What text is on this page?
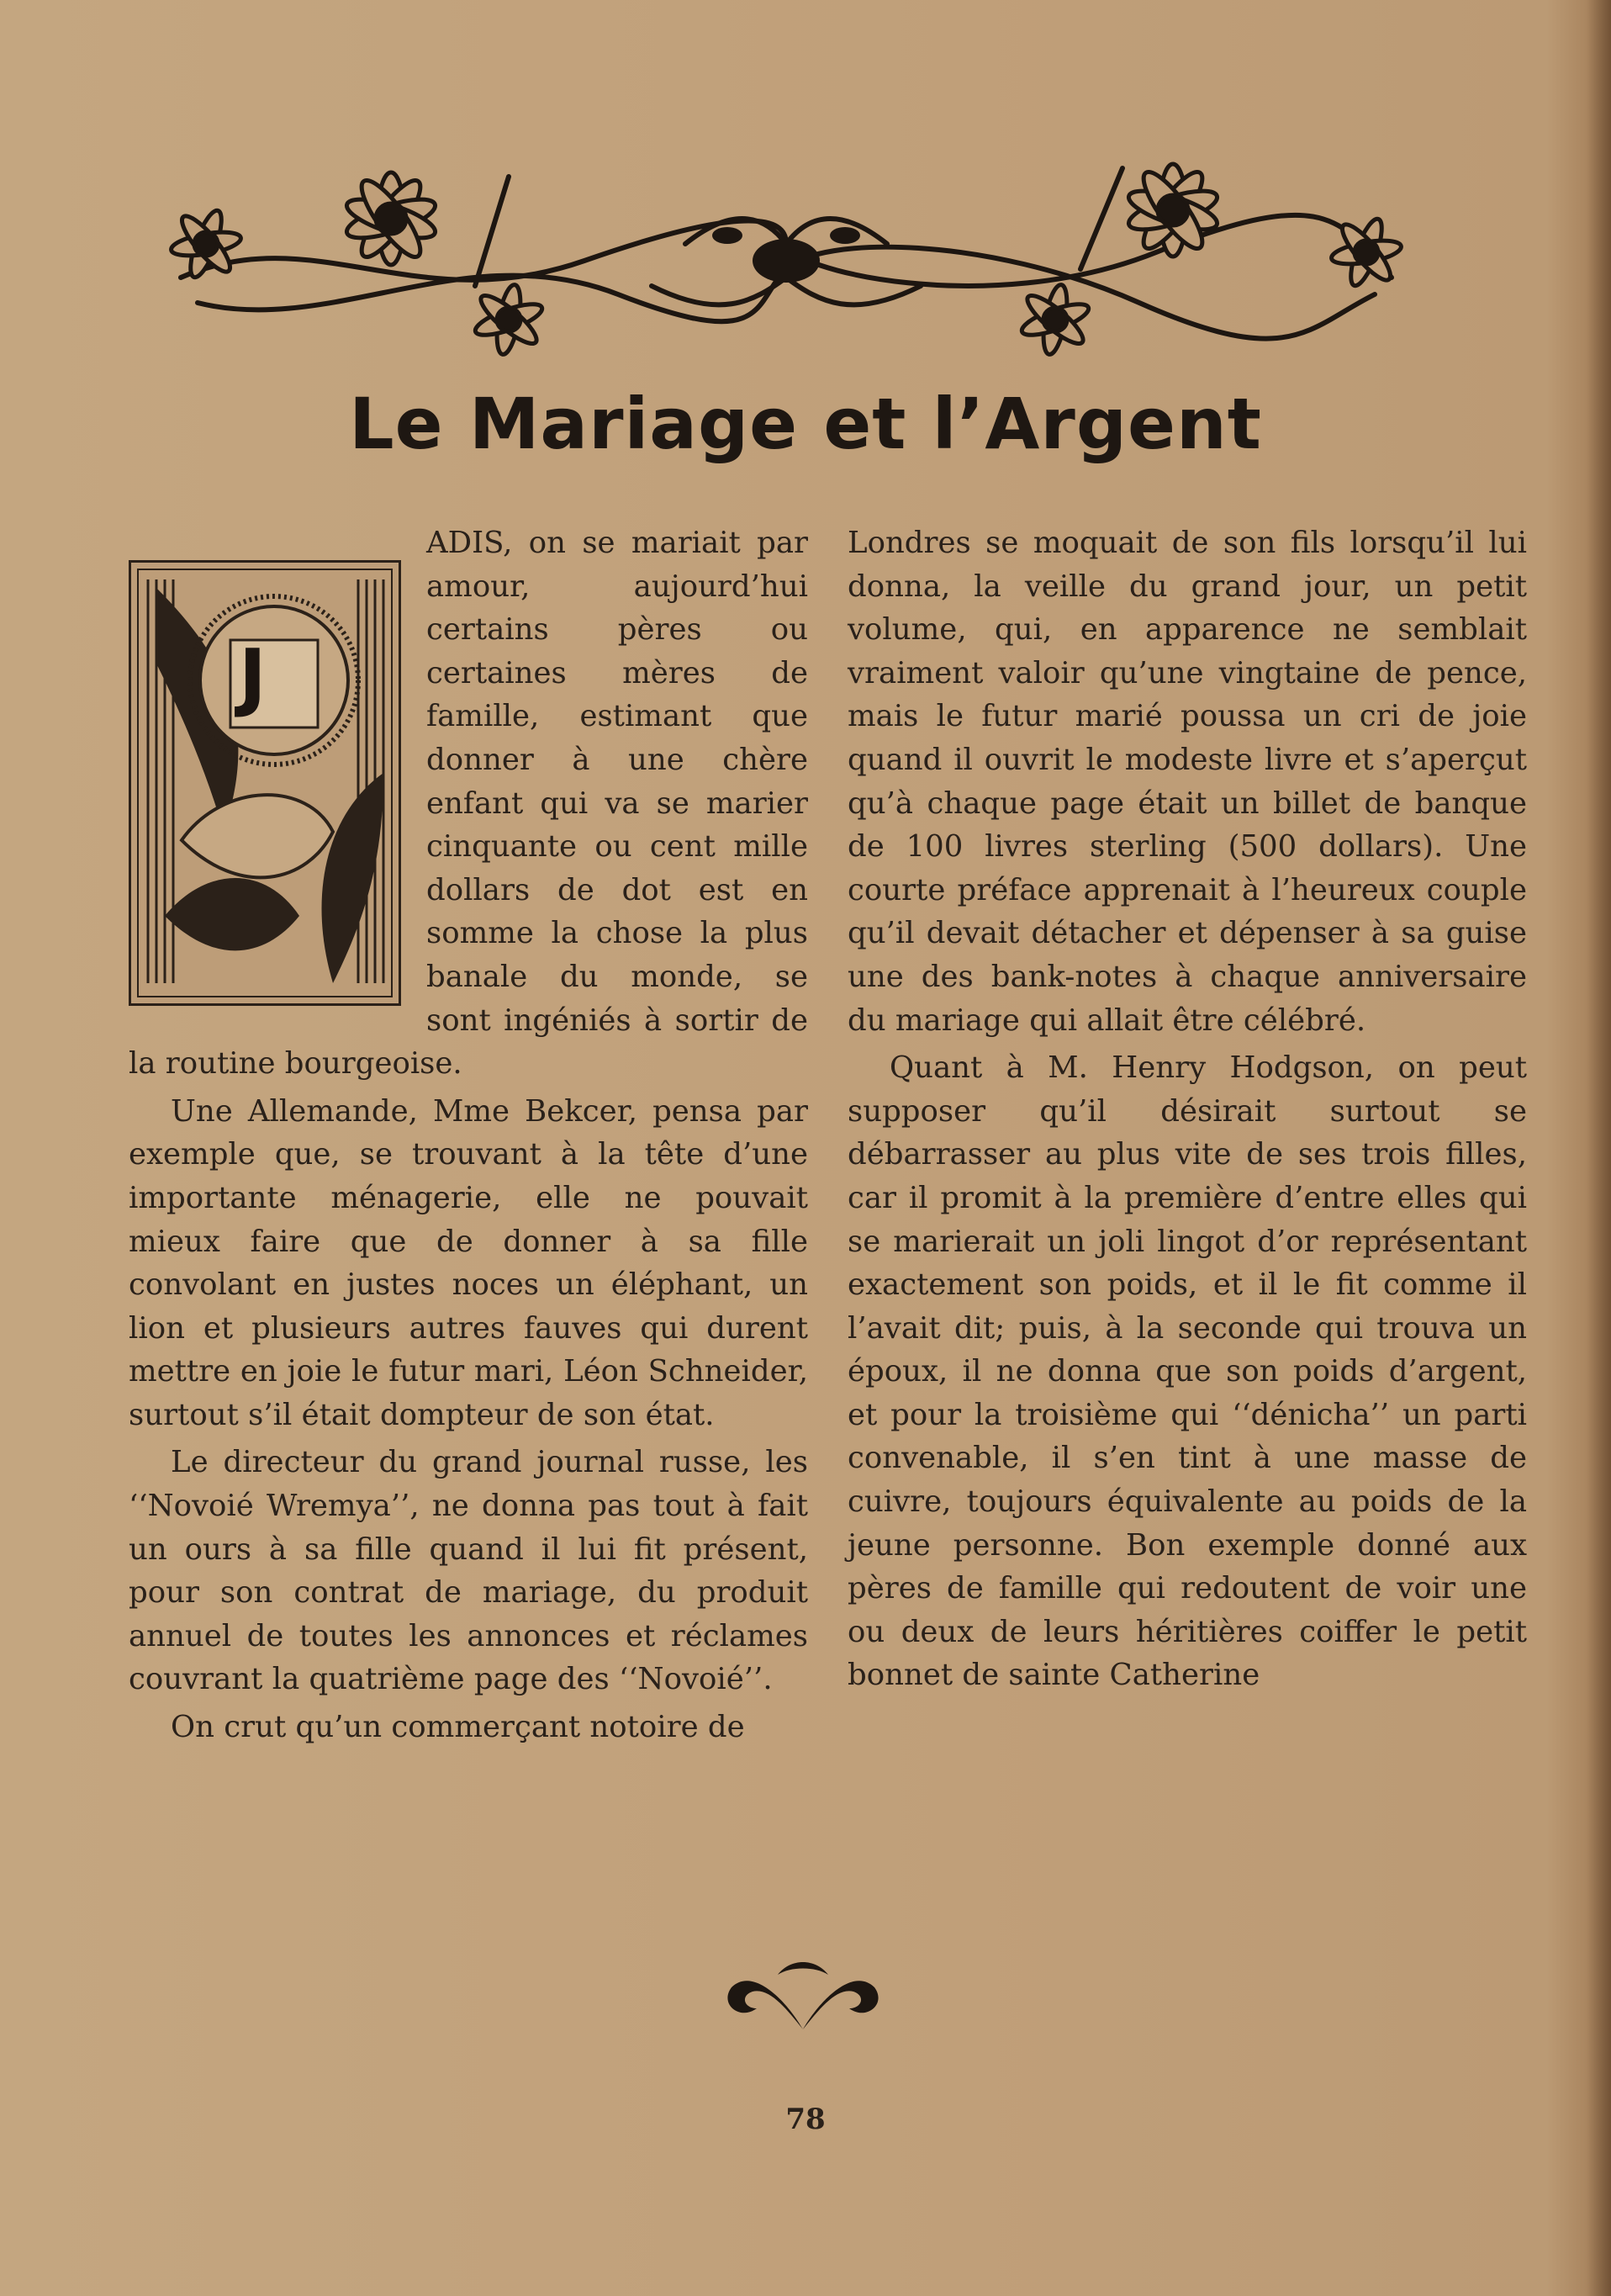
Le Mariage et l’Argent
J

ADIS, on se mariait par amour, aujourd’hui certains pères ou certaines mères de famille, estimant que donner à une chère enfant qui va se marier cinquante ou cent mille dollars de dot est en somme la chose la plus banale du monde, se sont ingéniés à sortir de la routine bourgeoise.

Une Allemande, Mme Bekcer, pensa par exemple que, se trouvant à la tête d’une importante ménagerie, elle ne pouvait mieux faire que de donner à sa fille convolant en justes noces un éléphant, un lion et plusieurs autres fauves qui durent mettre en joie le futur mari, Léon Schneider, surtout s’il était dompteur de son état.

Le directeur du grand journal russe, les ‘‘Novoié Wremya’’, ne donna pas tout à fait un ours à sa fille quand il lui fit présent, pour son contrat de mariage, du produit annuel de toutes les annonces et réclames couvrant la quatrième page des ‘‘Novoié’’.

On crut qu’un commerçant notoire de

Londres se moquait de son fils lorsqu’il lui donna, la veille du grand jour, un petit volume, qui, en apparence ne semblait vraiment valoir qu’une vingtaine de pence, mais le futur marié poussa un cri de joie quand il ouvrit le modeste livre et s’aperçut qu’à chaque page était un billet de banque de 100 livres sterling (500 dollars). Une courte préface apprenait à l’heureux couple qu’il devait détacher et dépenser à sa guise une des bank-notes à chaque anniversaire du mariage qui allait être célébré.

Quant à M. Henry Hodgson, on peut supposer qu’il désirait surtout se débarrasser au plus vite de ses trois filles, car il promit à la première d’entre elles qui se marierait un joli lingot d’or représentant exactement son poids, et il le fit comme il l’avait dit; puis, à la seconde qui trouva un époux, il ne donna que son poids d’argent, et pour la troisième qui ‘‘dénicha’’ un parti convenable, il s’en tint à une masse de cuivre, toujours équivalente au poids de la jeune personne. Bon exemple donné aux pères de famille qui redoutent de voir une ou deux de leurs héritières coiffer le petit bonnet de sainte Catherine

78
